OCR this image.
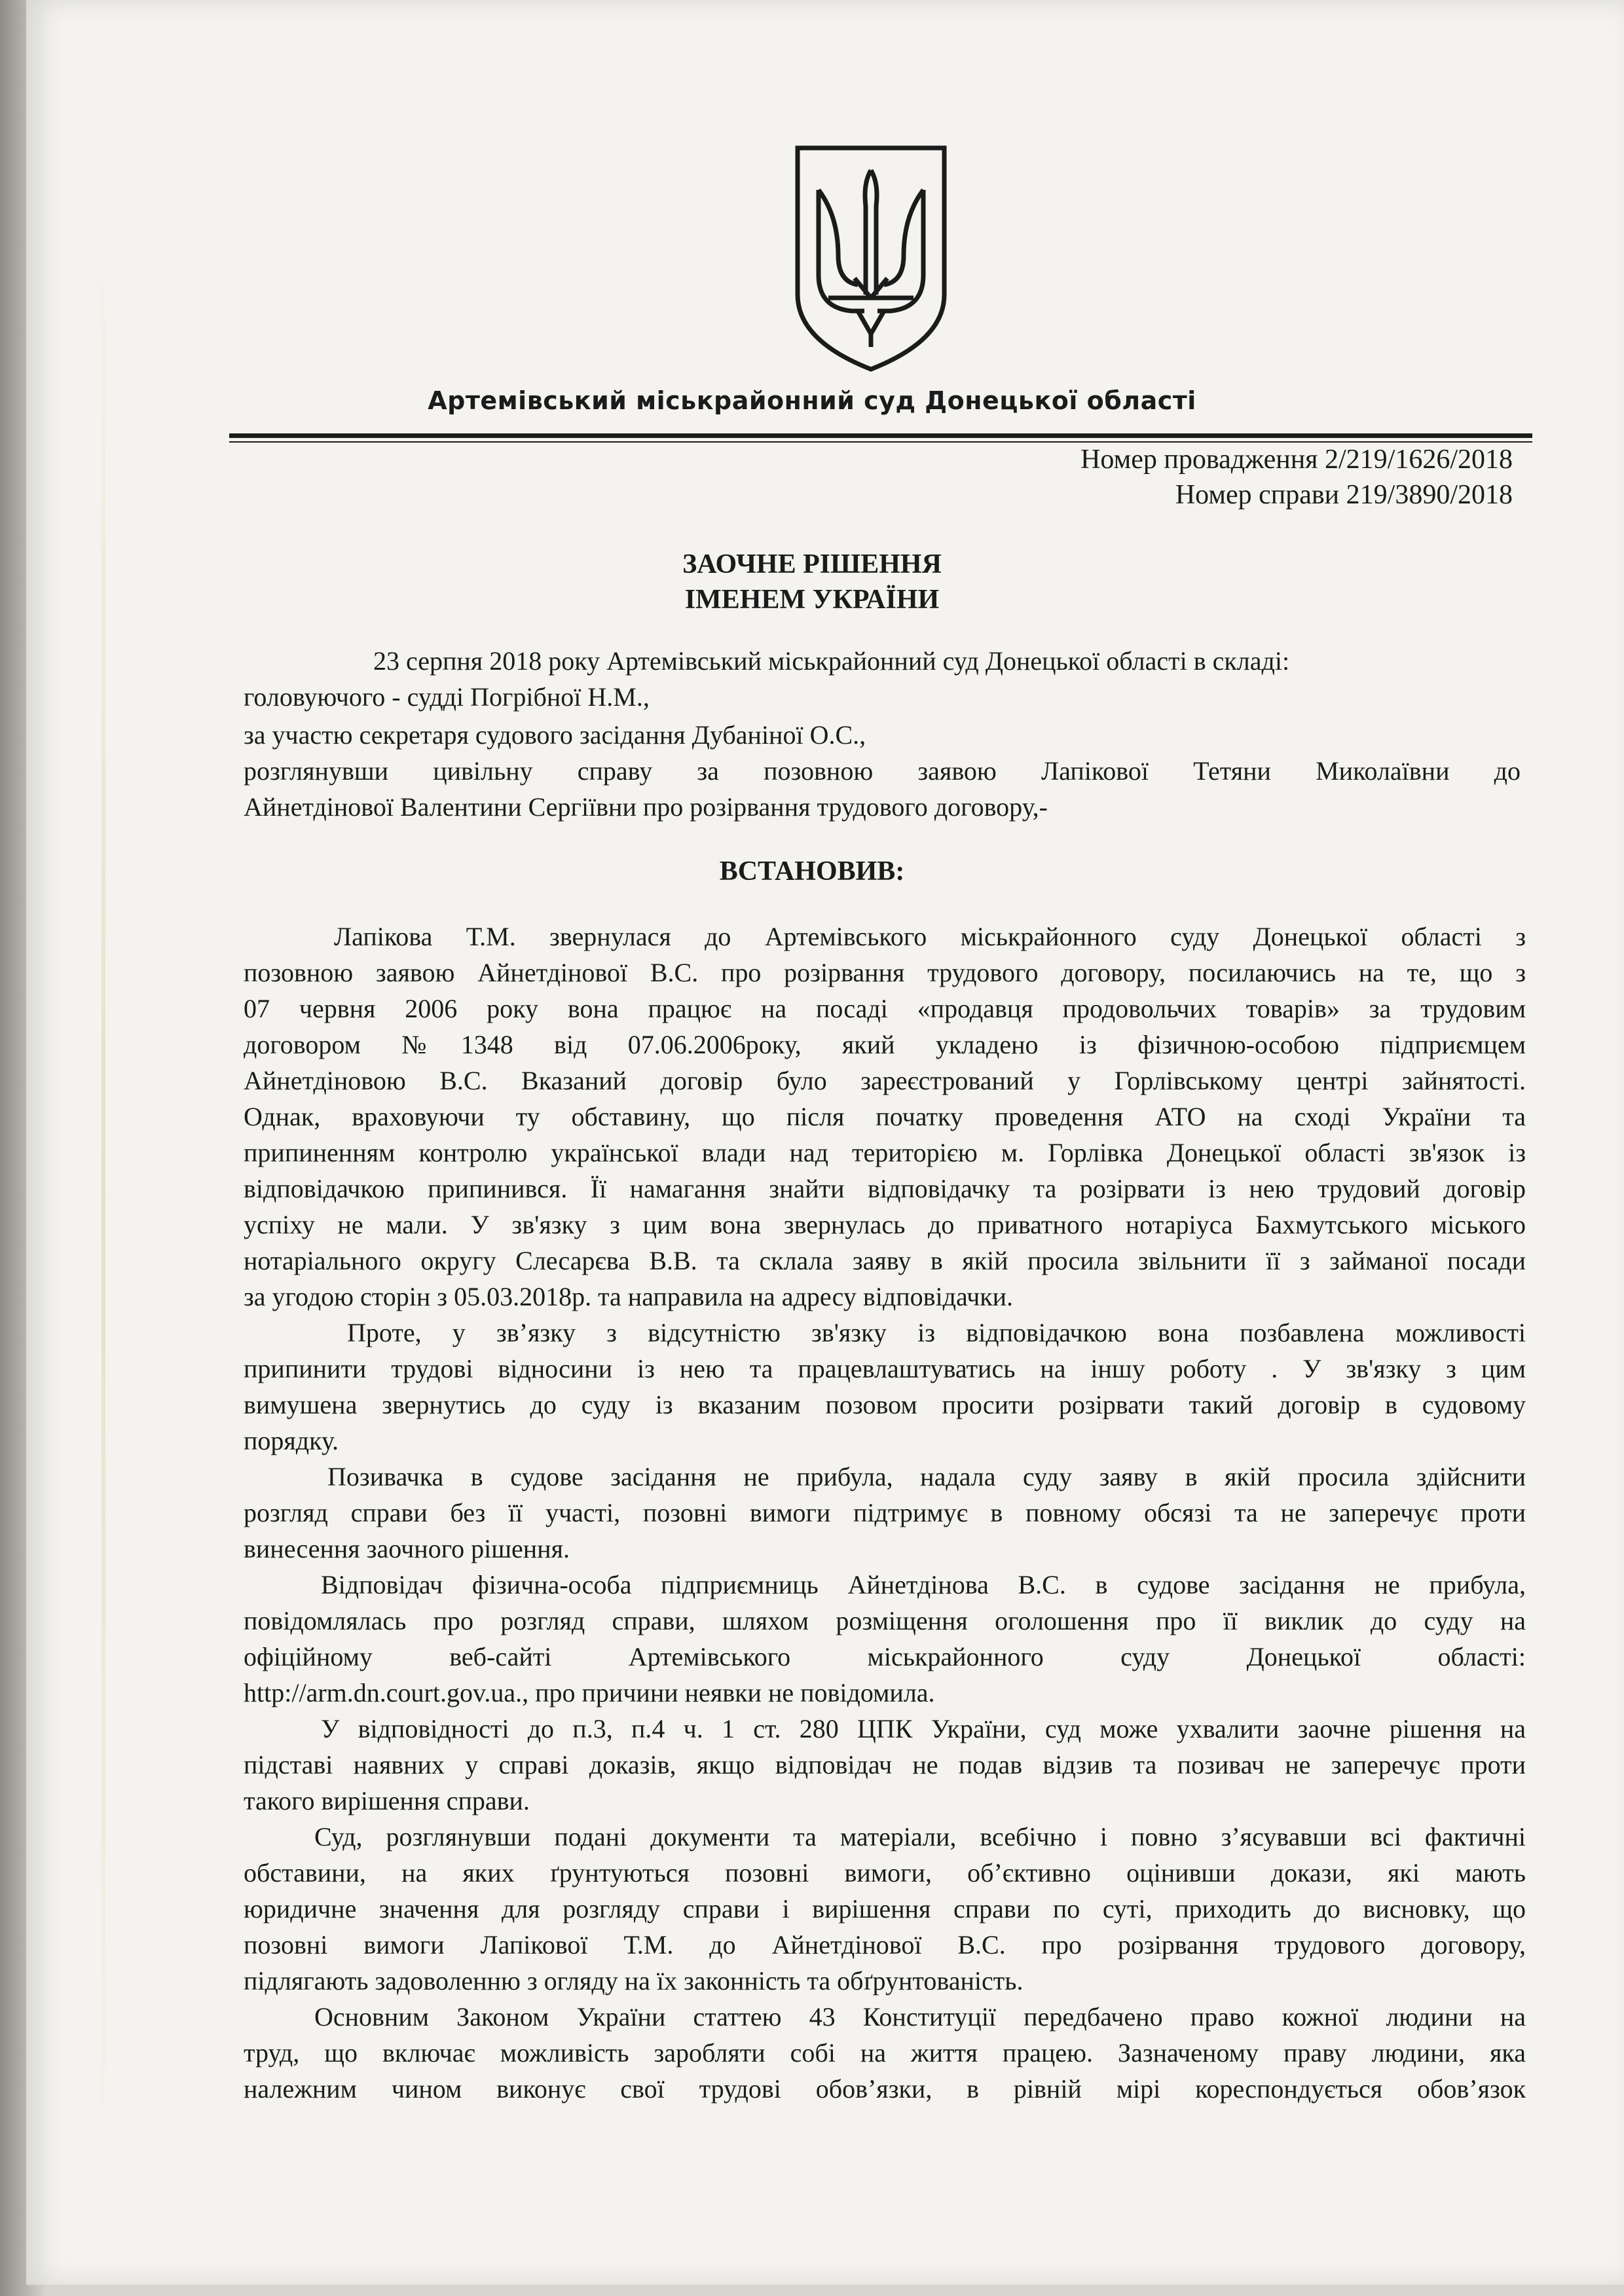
Артемівський міськрайонний суд Донецької області
Номер провадження 2/219/1626/2018
Номер справи 219/3890/2018
ЗАОЧНЕ РІШЕННЯ
ІМЕНЕМ УКРАЇНИ
23 серпня 2018 року Артемівський міськрайонний суд Донецької області в складі:
головуючого - судді Погрібної Н.М.,
за участю секретаря судового засідання Дубаніної О.С.,
розглянувши цивільну справу за позовною заявою Лапікової Тетяни Миколаївни до
Айнетдінової Валентини Сергіївни про розірвання трудового договору,-
ВСТАНОВИВ:
Лапікова Т.М. звернулася до Артемівського міськрайонного суду Донецької області з
позовною заявою Айнетдінової В.С. про розірвання трудового договору, посилаючись на те, що з
07 червня 2006 року вона працює на посаді «продавця продовольчих товарів» за трудовим
договором №1348 від 07.06.2006року, який укладено із фізичною-особою підприємцем
Айнетдіновою В.С. Вказаний договір було зареєстрований у Горлівському центрі зайнятості.
Однак, враховуючи ту обставину, що після початку проведення АТО на сході України та
припиненням контролю української влади над територією м. Горлівка Донецької області зв'язок із
відповідачкою припинився. Її намагання знайти відповідачку та розірвати із нею трудовий договір
успіху не мали. У зв'язку з цим вона звернулась до приватного нотаріуса Бахмутського міського
нотаріального округу Слесарєва В.В. та склала заяву в якій просила звільнити її з займаної посади
за угодою сторін з 05.03.2018р. та направила на адресу відповідачки.
Проте, у зв’язку з відсутністю зв'язку із відповідачкою вона позбавлена можливості
припинити трудові відносини із нею та працевлаштуватись на іншу роботу . У зв'язку з цим
вимушена звернутись до суду із вказаним позовом просити розірвати такий договір в судовому
порядку.
Позивачка в судове засідання не прибула, надала суду заяву в якій просила здійснити
розгляд справи без її участі, позовні вимоги підтримує в повному обсязі та не заперечує проти
винесення заочного рішення.
Відповідач фізична-особа підприємниць Айнетдінова В.С. в судове засідання не прибула,
повідомлялась про розгляд справи, шляхом розміщення оголошення про її виклик до суду на
офіційному веб-сайті Артемівського міськрайонного суду Донецької області:
http://arm.dn.court.gov.ua., про причини неявки не повідомила.
У відповідності до п.3, п.4 ч. 1 ст. 280 ЦПК України, суд може ухвалити заочне рішення на
підставі наявних у справі доказів, якщо відповідач не подав відзив та позивач не заперечує проти
такого вирішення справи.
Суд, розглянувши подані документи та матеріали, всебічно і повно з’ясувавши всі фактичні
обставини, на яких ґрунтуються позовні вимоги, об’єктивно оцінивши докази, які мають
юридичне значення для розгляду справи і вирішення справи по суті, приходить до висновку, що
позовні вимоги Лапікової Т.М. до Айнетдінової В.С. про розірвання трудового договору,
підлягають задоволенню з огляду на їх законність та обґрунтованість.
Основним Законом України статтею 43 Конституції передбачено право кожної людини на
труд, що включає можливість заробляти собі на життя працею. Зазначеному праву людини, яка
належним чином виконує свої трудові обов’язки, в рівній мірі кореспондується обов’язок
